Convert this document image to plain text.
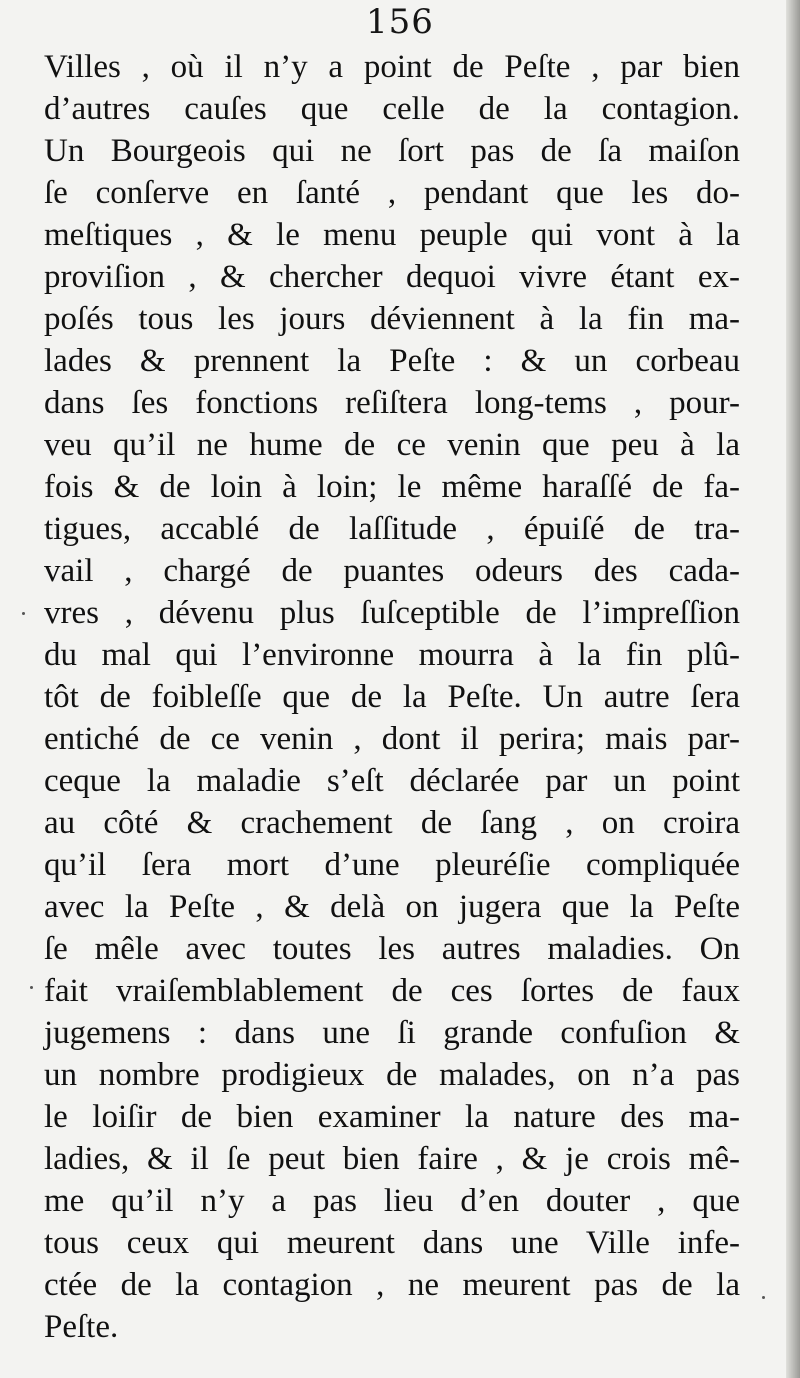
156
Villes , où il n’y a point de Peſte , par bien
d’autres cauſes que celle de la contagion.
Un Bourgeois qui ne ſort pas de ſa maiſon
ſe conſerve en ſanté , pendant que les do-
meſtiques , & le menu peuple qui vont à la
proviſion , & chercher dequoi vivre étant ex-
poſés tous les jours déviennent à la fin ma-
lades & prennent la Peſte : & un corbeau
dans ſes fonctions reſiſtera long-tems , pour-
veu qu’il ne hume de ce venin que peu à la
fois & de loin à loin; le même haraſſé de fa-
tigues, accablé de laſſitude , épuiſé de tra-
vail , chargé de puantes odeurs des cada-
vres , dévenu plus ſuſceptible de l’impreſſion
du mal qui l’environne mourra à la fin plû-
tôt de foibleſſe que de la Peſte. Un autre ſera
entiché de ce venin , dont il perira; mais par-
ceque la maladie s’eſt déclarée par un point
au côté & crachement de ſang , on croira
qu’il ſera mort d’une pleuréſie compliquée
avec la Peſte , & delà on jugera que la Peſte
ſe mêle avec toutes les autres maladies. On
fait vraiſemblablement de ces ſortes de faux
jugemens : dans une ſi grande confuſion &
un nombre prodigieux de malades, on n’a pas
le loiſir de bien examiner la nature des ma-
ladies, & il ſe peut bien faire , & je crois mê-
me qu’il n’y a pas lieu d’en douter , que
tous ceux qui meurent dans une Ville infe-
ctée de la contagion , ne meurent pas de la
Peſte.
